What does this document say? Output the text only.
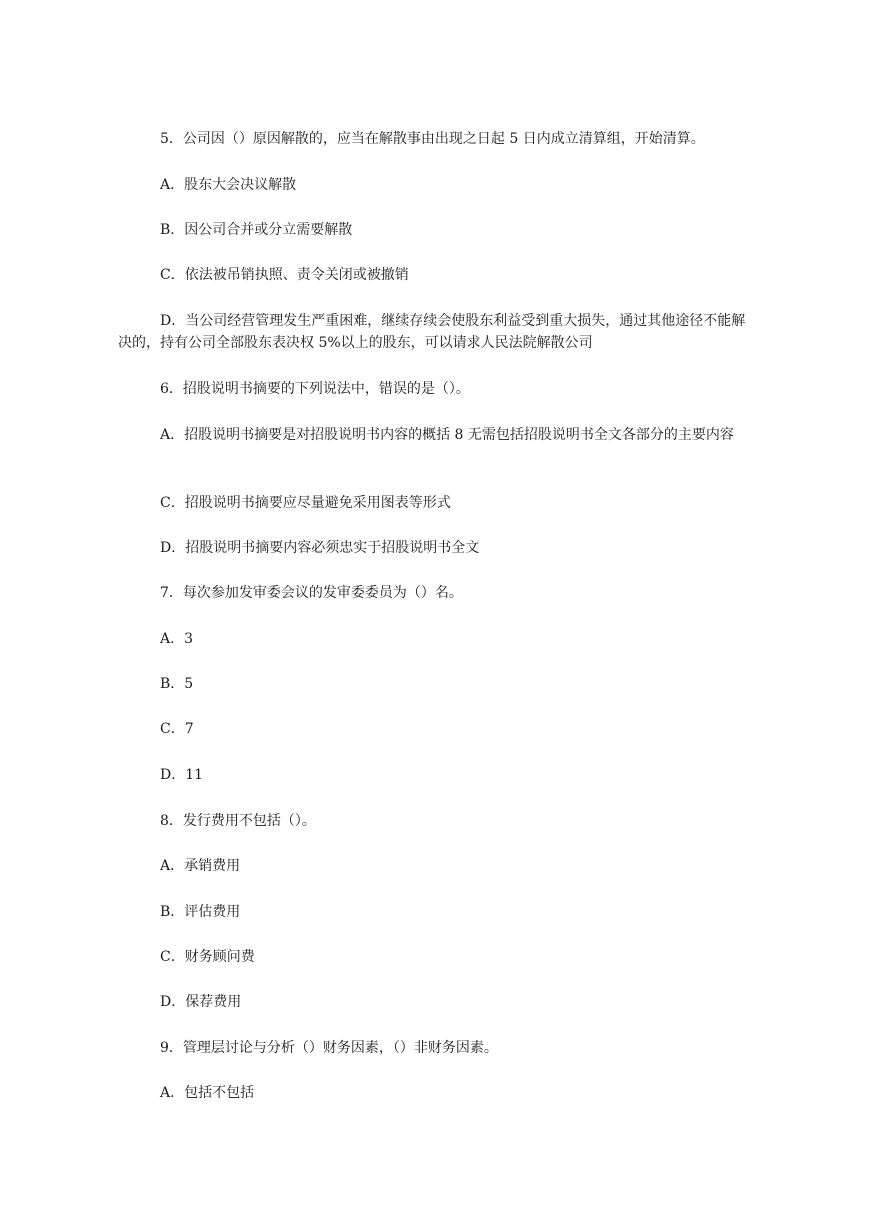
5．公司因（）原因解散的，应当在解散事由出现之日起 5 日内成立清算组，开始清算。

A．股东大会决议解散

B．因公司合并或分立需要解散

C．依法被吊销执照、责令关闭或被撤销

D．当公司经营管理发生严重困难，继续存续会使股东利益受到重大损失，通过其他途径不能解决的，持有公司全部股东表决权 5%以上的股东，可以请求人民法院解散公司

6．招股说明书摘要的下列说法中，错误的是（）。

A．招股说明书摘要是对招股说明书内容的概括 8 无需包括招股说明书全文各部分的主要内容

C．招股说明书摘要应尽量避免采用图表等形式

D．招股说明书摘要内容必须忠实于招股说明书全文

7．每次参加发审委会议的发审委委员为（）名。

A．3

B．5

C．7

D．11

8．发行费用不包括（）。

A．承销费用

B．评估费用

C．财务顾问费

D．保荐费用

9．管理层讨论与分析（）财务因素，（）非财务因素。

A．包括不包括
